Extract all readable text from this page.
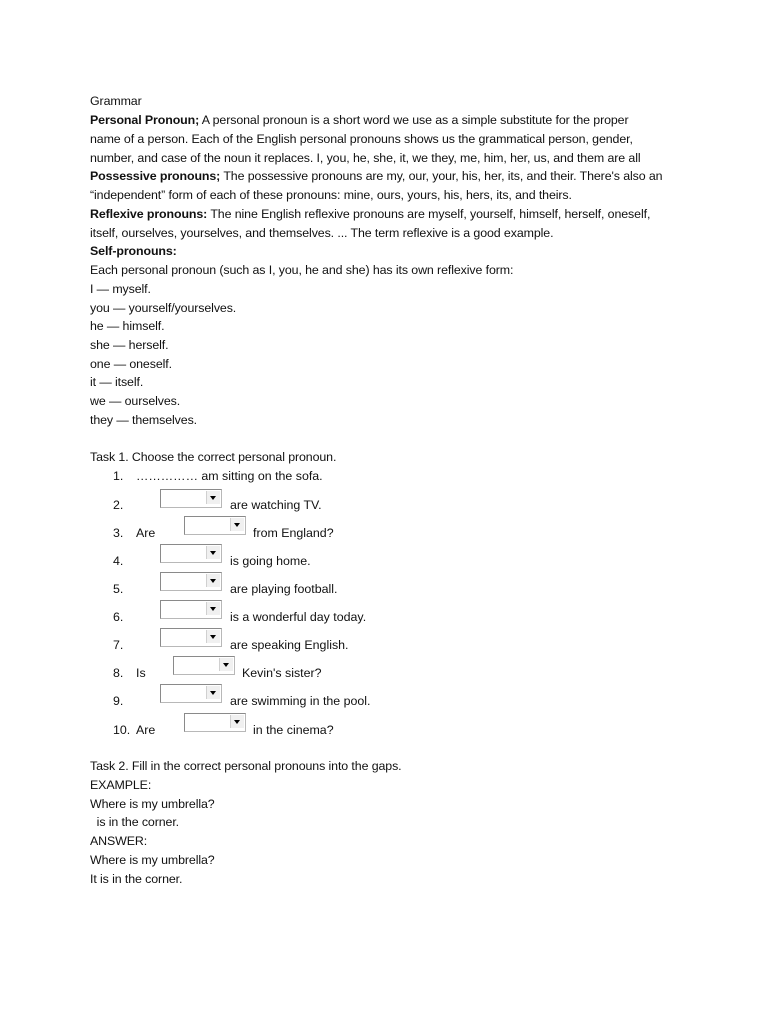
Grammar
Personal Pronoun; A personal pronoun is a short word we use as a simple substitute for the proper
name of a person. Each of the English personal pronouns shows us the grammatical person, gender,
number, and case of the noun it replaces. I, you, he, she, it, we they, me, him, her, us, and them are all
Possessive pronouns; The possessive pronouns are my, our, your, his, her, its, and their. There's also an
“independent” form of each of these pronouns: mine, ours, yours, his, hers, its, and theirs.
Reflexive pronouns: The nine English reflexive pronouns are myself, yourself, himself, herself, oneself,
itself, ourselves, yourselves, and themselves. ... The term reflexive is a good example.
Self-pronouns:
Each personal pronoun (such as I, you, he and she) has its own reflexive form:
I — myself.
you — yourself/yourselves.
he — himself.
she — herself.
one — oneself.
it — itself.
we — ourselves.
they — themselves.
Task 1. Choose the correct personal pronoun.
1. …………… am sitting on the sofa.
2.	are watching TV.
3. Are	from England?
4.	is going home.
5.	are playing football.
6.	is a wonderful day today.
7.	are speaking English.
8. Is	Kevin's sister?
9.	are swimming in the pool.
10. Are	in the cinema?
Task 2. Fill in the correct personal pronouns into the gaps.
EXAMPLE:
Where is my umbrella?
is in the corner.
ANSWER:
Where is my umbrella?
It is in the corner.
